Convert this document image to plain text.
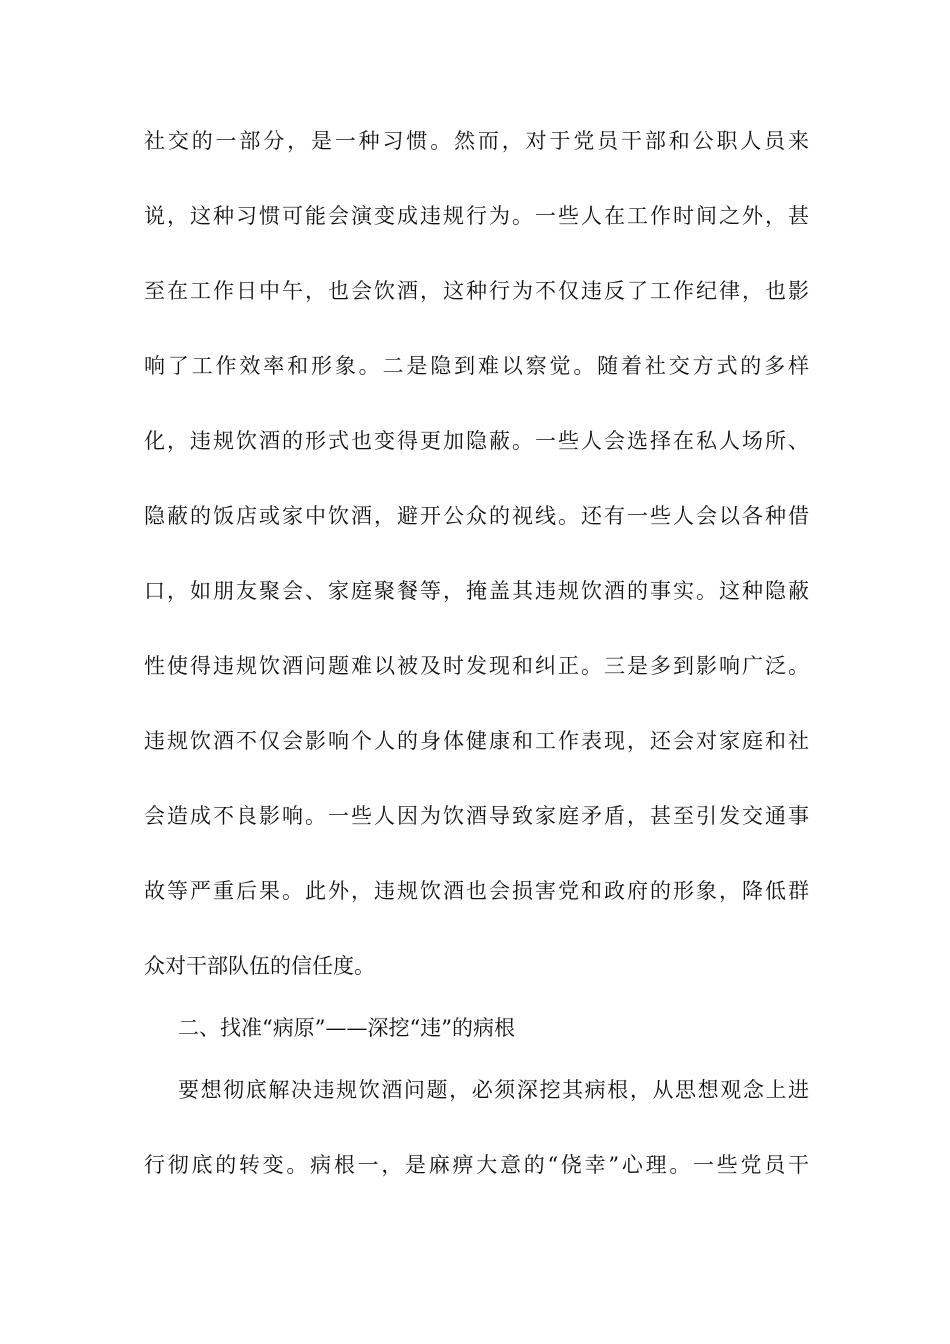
社交的一部分，是一种习惯。然而，对于党员干部和公职人员来
说，这种习惯可能会演变成违规行为。一些人在工作时间之外，甚
至在工作日中午，也会饮酒，这种行为不仅违反了工作纪律，也影
响了工作效率和形象。二是隐到难以察觉。随着社交方式的多样
化，违规饮酒的形式也变得更加隐蔽。一些人会选择在私人场所、
隐蔽的饭店或家中饮酒，避开公众的视线。还有一些人会以各种借
口，如朋友聚会、家庭聚餐等，掩盖其违规饮酒的事实。这种隐蔽
性使得违规饮酒问题难以被及时发现和纠正。三是多到影响广泛。
违规饮酒不仅会影响个人的身体健康和工作表现，还会对家庭和社
会造成不良影响。一些人因为饮酒导致家庭矛盾，甚至引发交通事
故等严重后果。此外，违规饮酒也会损害党和政府的形象，降低群
众对干部队伍的信任度。
二、找准“病原”——深挖“违”的病根
要想彻底解决违规饮酒问题，必须深挖其病根，从思想观念上进
行彻底的转变。病根一，是麻痹大意的“侥幸”心理。一些党员干
